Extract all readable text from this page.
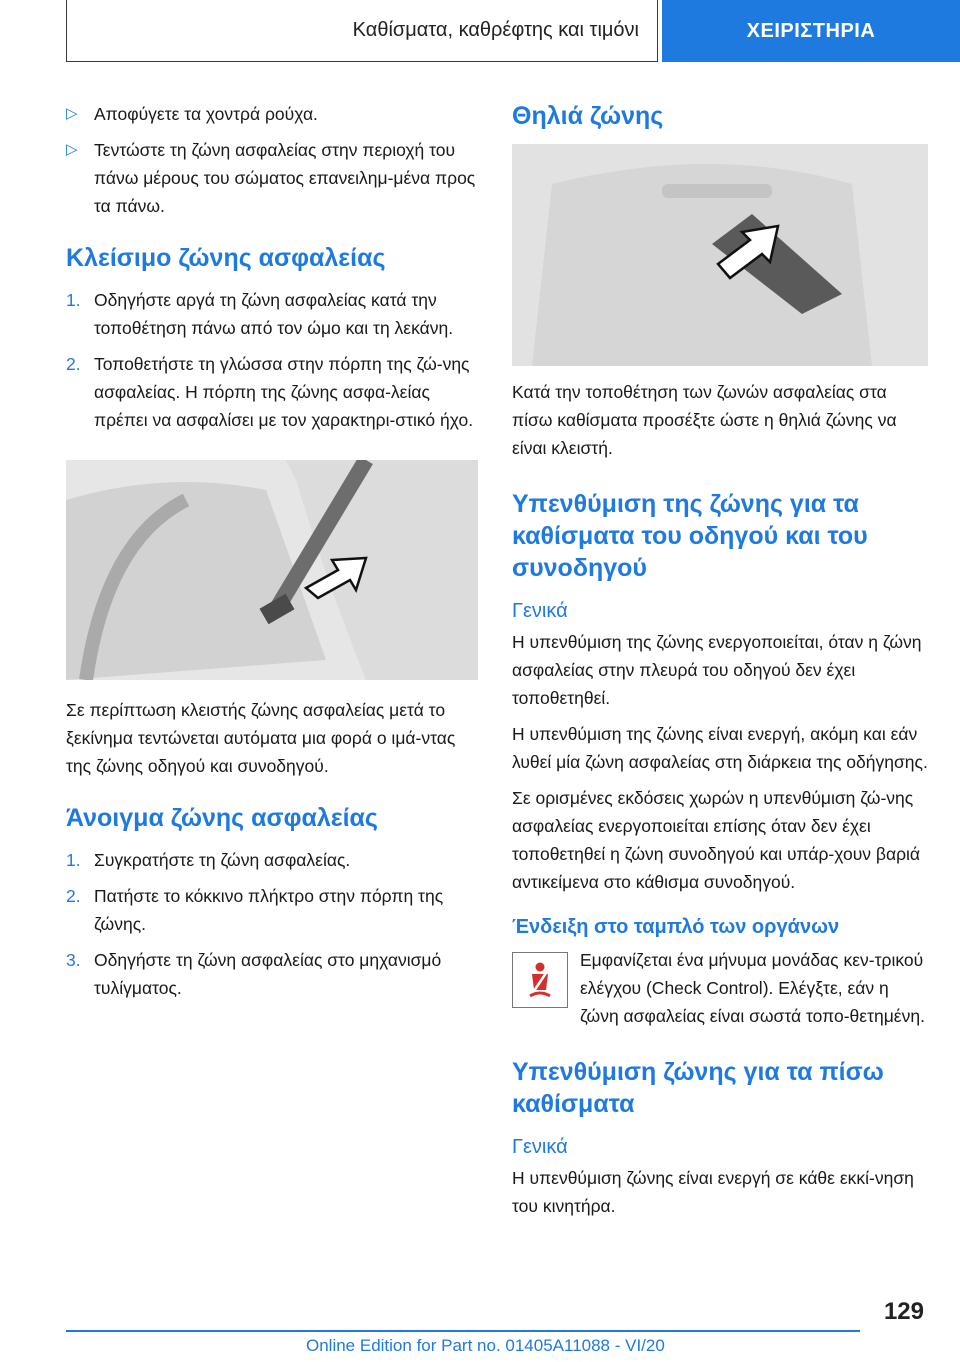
Καθίσματα, καθρέφτης και τιμόνι	ΧΕΙΡΙΣΤΗΡΙΑ
▷ Αποφύγετε τα χοντρά ρούχα.
▷ Τεντώστε τη ζώνη ασφαλείας στην περιοχή του πάνω μέρους του σώματος επανειλημ-μένα προς τα πάνω.
Κλείσιμο ζώνης ασφαλείας
1. Οδηγήστε αργά τη ζώνη ασφαλείας κατά την τοποθέτηση πάνω από τον ώμο και τη λεκάνη.
2. Τοποθετήστε τη γλώσσα στην πόρπη της ζώ-νης ασφαλείας. Η πόρπη της ζώνης ασφα-λείας πρέπει να ασφαλίσει με τον χαρακτηρι-στικό ήχο.
Σε περίπτωση κλειστής ζώνης ασφαλείας μετά το ξεκίνημα τεντώνεται αυτόματα μια φορά ο ιμά-ντας της ζώνης οδηγού και συνοδηγού.
Άνοιγμα ζώνης ασφαλείας
1. Συγκρατήστε τη ζώνη ασφαλείας.
2. Πατήστε το κόκκινο πλήκτρο στην πόρπη της ζώνης.
3. Οδηγήστε τη ζώνη ασφαλείας στο μηχανισμό τυλίγματος.
Θηλιά ζώνης
Κατά την τοποθέτηση των ζωνών ασφαλείας στα πίσω καθίσματα προσέξτε ώστε η θηλιά ζώνης να είναι κλειστή.
Υπενθύμιση της ζώνης για τα καθίσματα του οδηγού και του συνοδηγού
Γενικά
Η υπενθύμιση της ζώνης ενεργοποιείται, όταν η ζώνη ασφαλείας στην πλευρά του οδηγού δεν έχει τοποθετηθεί.
Η υπενθύμιση της ζώνης είναι ενεργή, ακόμη και εάν λυθεί μία ζώνη ασφαλείας στη διάρκεια της οδήγησης.
Σε ορισμένες εκδόσεις χωρών η υπενθύμιση ζώ-νης ασφαλείας ενεργοποιείται επίσης όταν δεν έχει τοποθετηθεί η ζώνη συνοδηγού και υπάρ-χουν βαριά αντικείμενα στο κάθισμα συνοδηγού.
Ένδειξη στο ταμπλό των οργάνων
Εμφανίζεται ένα μήνυμα μονάδας κεν-τρικού ελέγχου (Check Control). Ελέγξτε, εάν η ζώνη ασφαλείας είναι σωστά τοπο-θετημένη.
Υπενθύμιση ζώνης για τα πίσω καθίσματα
Γενικά
Η υπενθύμιση ζώνης είναι ενεργή σε κάθε εκκί-νηση του κινητήρα.
129
Online Edition for Part no. 01405A11088 - VI/20
